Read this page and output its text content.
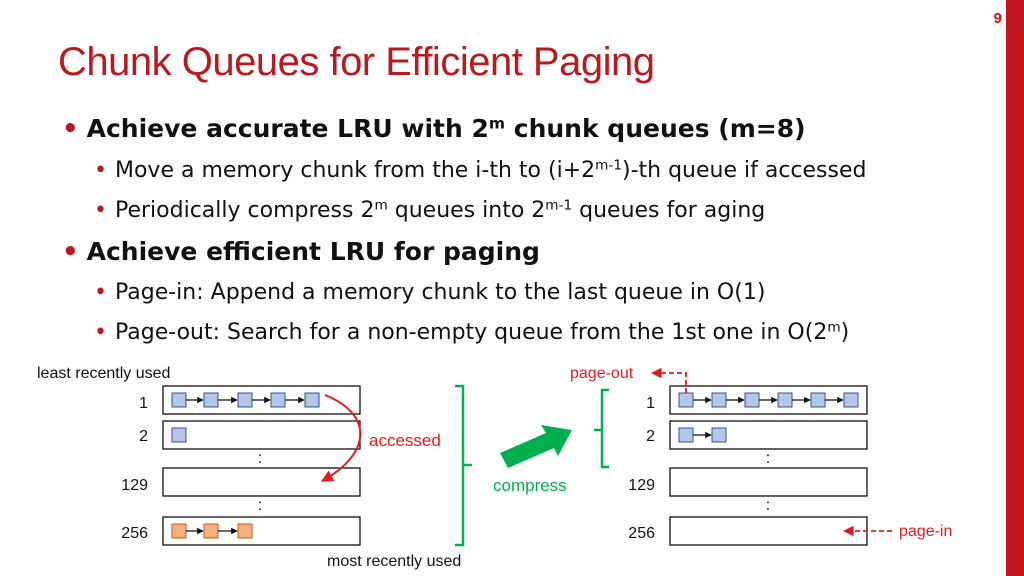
9
Chunk Queues for Efficient Paging
• Achieve accurate LRU with 2$^m$ chunk queues (m=8)
• Move a memory chunk from the i-th to $(i+2^{m-1})-th$ queue if accessed
• Periodically compress 2$^m$ queues into 2$^{m-1}$ queues for aging
• Achieve efficient LRU for paging
• Page-in: Append a memory chunk to the last queue in O(1)
• Page-out: Search for a non-empty queue from the 1st one in O(2$^m$)
least recently used
1
2
129
256
:
:
accessed
most recently used
compress
1
2
129
256
:
:
page-out
page-in
